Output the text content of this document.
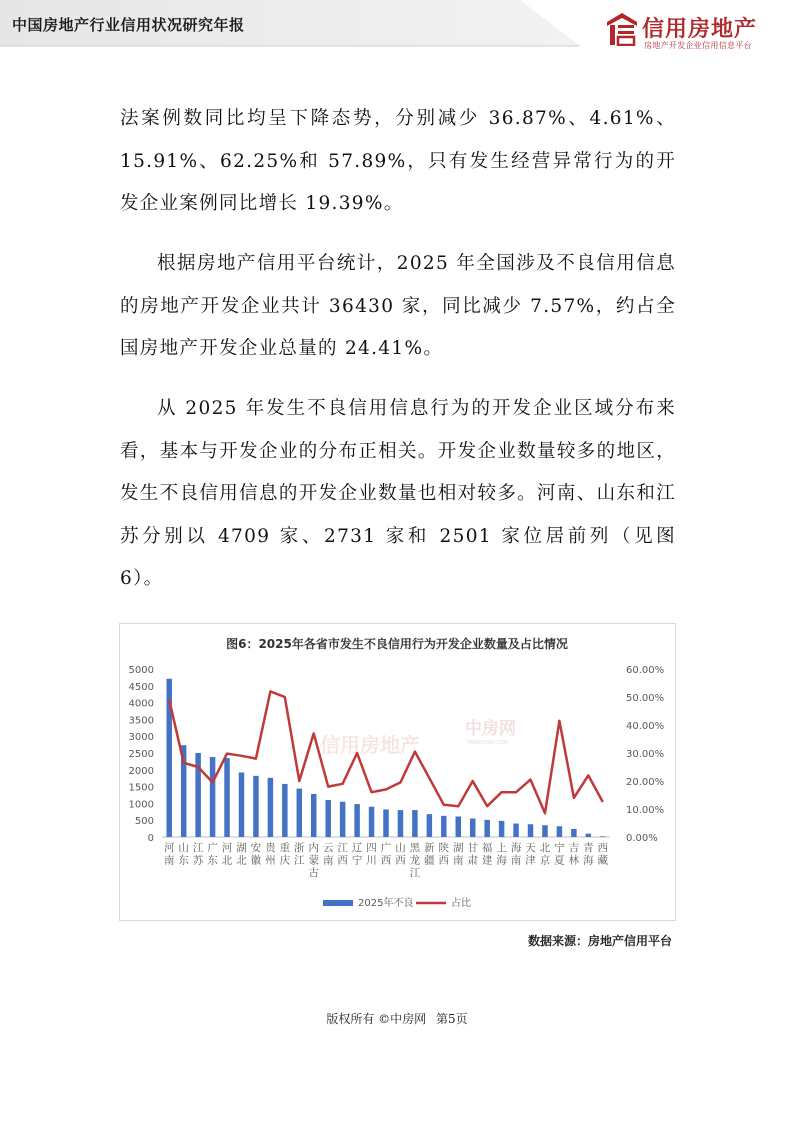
中国房地产行业信用状况研究年报	信用房地产
房地产开发企业信用信息平台

法案例数同比均呈下降态势，分别减少 36.87%、4.61%、15.91%、62.25%和 57.89%，只有发生经营异常行为的开发企业案例同比增长 19.39%。

根据房地产信用平台统计，2025 年全国涉及不良信用信息的房地产开发企业共计 36430 家，同比减少 7.57%，约占全国房地产开发企业总量的 24.41%。

从 2025 年发生不良信用信息行为的开发企业区域分布来看，基本与开发企业的分布正相关。开发企业数量较多的地区，发生不良信用信息的开发企业数量也相对较多。河南、山东和江苏分别以 4709 家、2731 家和 2501 家位居前列（见图 6）。

图6：2025年各省市发生不良信用行为开发企业数量及占比情况
信用房地产
中房网
FANGCHAN.COM
0
500
1000
1500
2000
2500
3000
3500
4000
4500
5000
0.00%
10.00%
20.00%
30.00%
40.00%
50.00%
60.00%
河南
山东
江苏
广东
河北
湖北
安徽
贵州
重庆
浙江
内蒙古
云南
江西
辽宁
四川
广西
山西
黑龙江
新疆
陕西
湖南
甘肃
福建
上海
海南
天津
北京
宁夏
吉林
青海
西藏
2025年不良	占比
数据来源：房地产信用平台
版权所有 ©中房网 第5页
